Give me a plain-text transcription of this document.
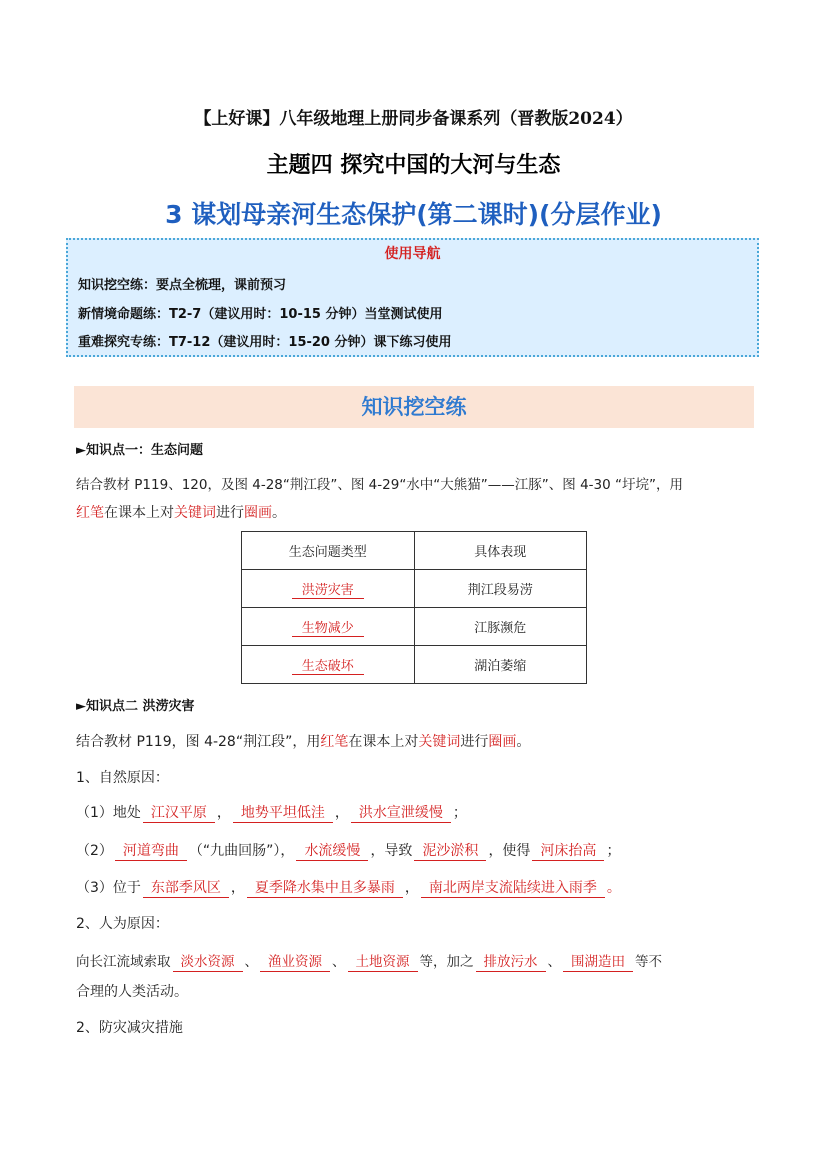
【上好课】八年级地理上册同步备课系列（晋教版2024）
主题四 探究中国的大河与生态
3 谋划母亲河生态保护(第二课时)(分层作业)
使用导航
知识挖空练：要点全梳理，课前预习
新情境命题练：T2-7（建议用时：10-15 分钟）当堂测试使用
重难探究专练：T7-12（建议用时：15-20 分钟）课下练习使用
知识挖空练
►知识点一：生态问题
结合教材 P119、120，及图 4-28“荆江段”、图 4-29“水中“大熊猫”——江豚”、图 4-30 “圩垸”，用
红笔在课本上对关键词进行圈画。
生态问题类型	具体表现
洪涝灾害	荆江段易涝
生物减少	江豚濒危
生态破坏	湖泊萎缩
►知识点二 洪涝灾害
结合教材 P119，图 4-28“荆江段”，用红笔在课本上对关键词进行圈画。
1、自然原因：
（1）地处 江汉平原 ， 地势平坦低洼 ， 洪水宣泄缓慢 ；
（2） 河道弯曲 （“九曲回肠”）， 水流缓慢 ，导致 泥沙淤积 ，使得 河床抬高 ；
（3）位于 东部季风区 ， 夏季降水集中且多暴雨 ， 南北两岸支流陆续进入雨季 。
2、人为原因：
向长江流域索取 淡水资源 、 渔业资源 、 土地资源 等，加之 排放污水 、 围湖造田 等不
合理的人类活动。
2、防灾减灾措施
